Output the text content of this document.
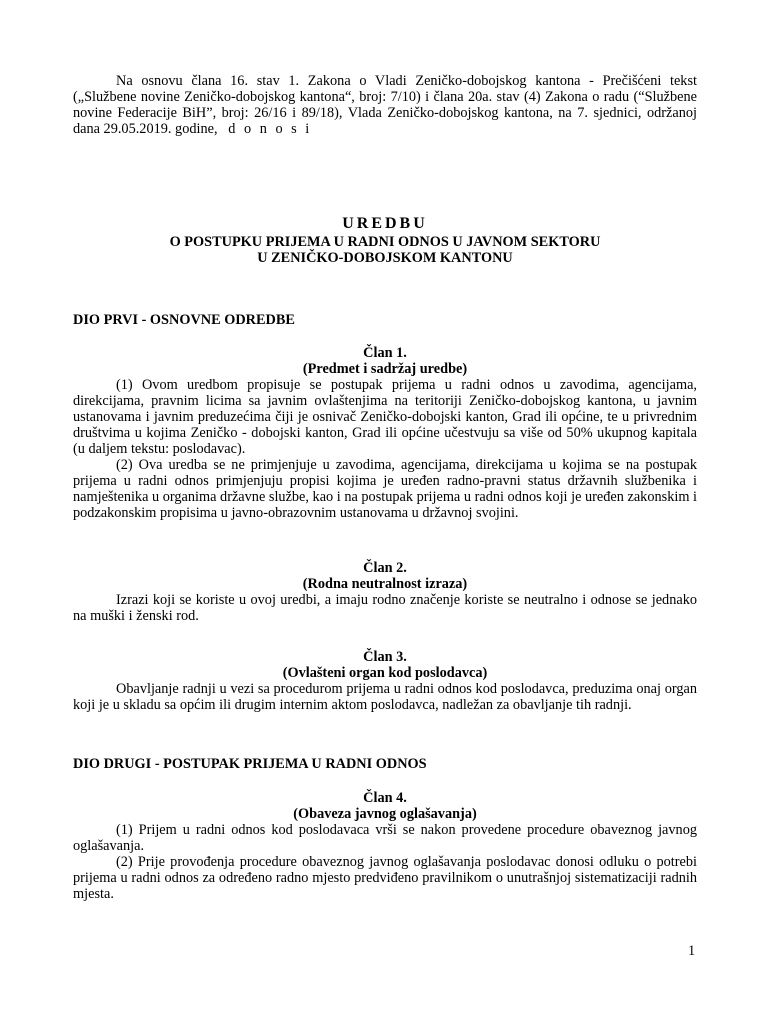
Na osnovu člana 16. stav 1. Zakona o Vladi Zeničko-dobojskog kantona - Prečišćeni tekst („Službene novine Zeničko-dobojskog kantona“, broj: 7/10) i člana 20a. stav (4) Zakona o radu (“Službene novine Federacije BiH”, broj: 26/16 i 89/18), Vlada Zeničko-dobojskog kantona, na 7. sjednici, održanoj dana 29.05.2019. godine, d o n o s i

UREDBU
O POSTUPKU PRIJEMA U RADNI ODNOS U JAVNOM SEKTORU
U ZENIČKO-DOBOJSKOM KANTONU
DIO PRVI - OSNOVNE ODREDBE
Član 1.
(Predmet i sadržaj uredbe)

(1) Ovom uredbom propisuje se postupak prijema u radni odnos u zavodima, agencijama, direkcijama, pravnim licima sa javnim ovlaštenjima na teritoriji Zeničko-dobojskog kantona, u javnim ustanovama i javnim preduzećima čiji je osnivač Zeničko-dobojski kanton, Grad ili općine, te u privrednim društvima u kojima Zeničko - dobojski kanton, Grad ili općine učestvuju sa više od 50% ukupnog kapitala (u daljem tekstu: poslodavac).

(2) Ova uredba se ne primjenjuje u zavodima, agencijama, direkcijama u kojima se na postupak prijema u radni odnos primjenjuju propisi kojima je uređen radno-pravni status državnih službenika i namještenika u organima državne službe, kao i na postupak prijema u radni odnos koji je uređen zakonskim i podzakonskim propisima u javno-obrazovnim ustanovama u državnoj svojini.

Član 2.
(Rodna neutralnost izraza)

Izrazi koji se koriste u ovoj uredbi, a imaju rodno značenje koriste se neutralno i odnose se jednako na muški i ženski rod.

Član 3.
(Ovlašteni organ kod poslodavca)

Obavljanje radnji u vezi sa procedurom prijema u radni odnos kod poslodavca, preduzima onaj organ koji je u skladu sa općim ili drugim internim aktom poslodavca, nadležan za obavljanje tih radnji.

DIO DRUGI - POSTUPAK PRIJEMA U RADNI ODNOS
Član 4.
(Obaveza javnog oglašavanja)

(1) Prijem u radni odnos kod poslodavaca vrši se nakon provedene procedure obaveznog javnog oglašavanja.

(2) Prije provođenja procedure obaveznog javnog oglašavanja poslodavac donosi odluku o potrebi prijema u radni odnos za određeno radno mjesto predviđeno pravilnikom o unutrašnjoj sistematizaciji radnih mjesta.

1
